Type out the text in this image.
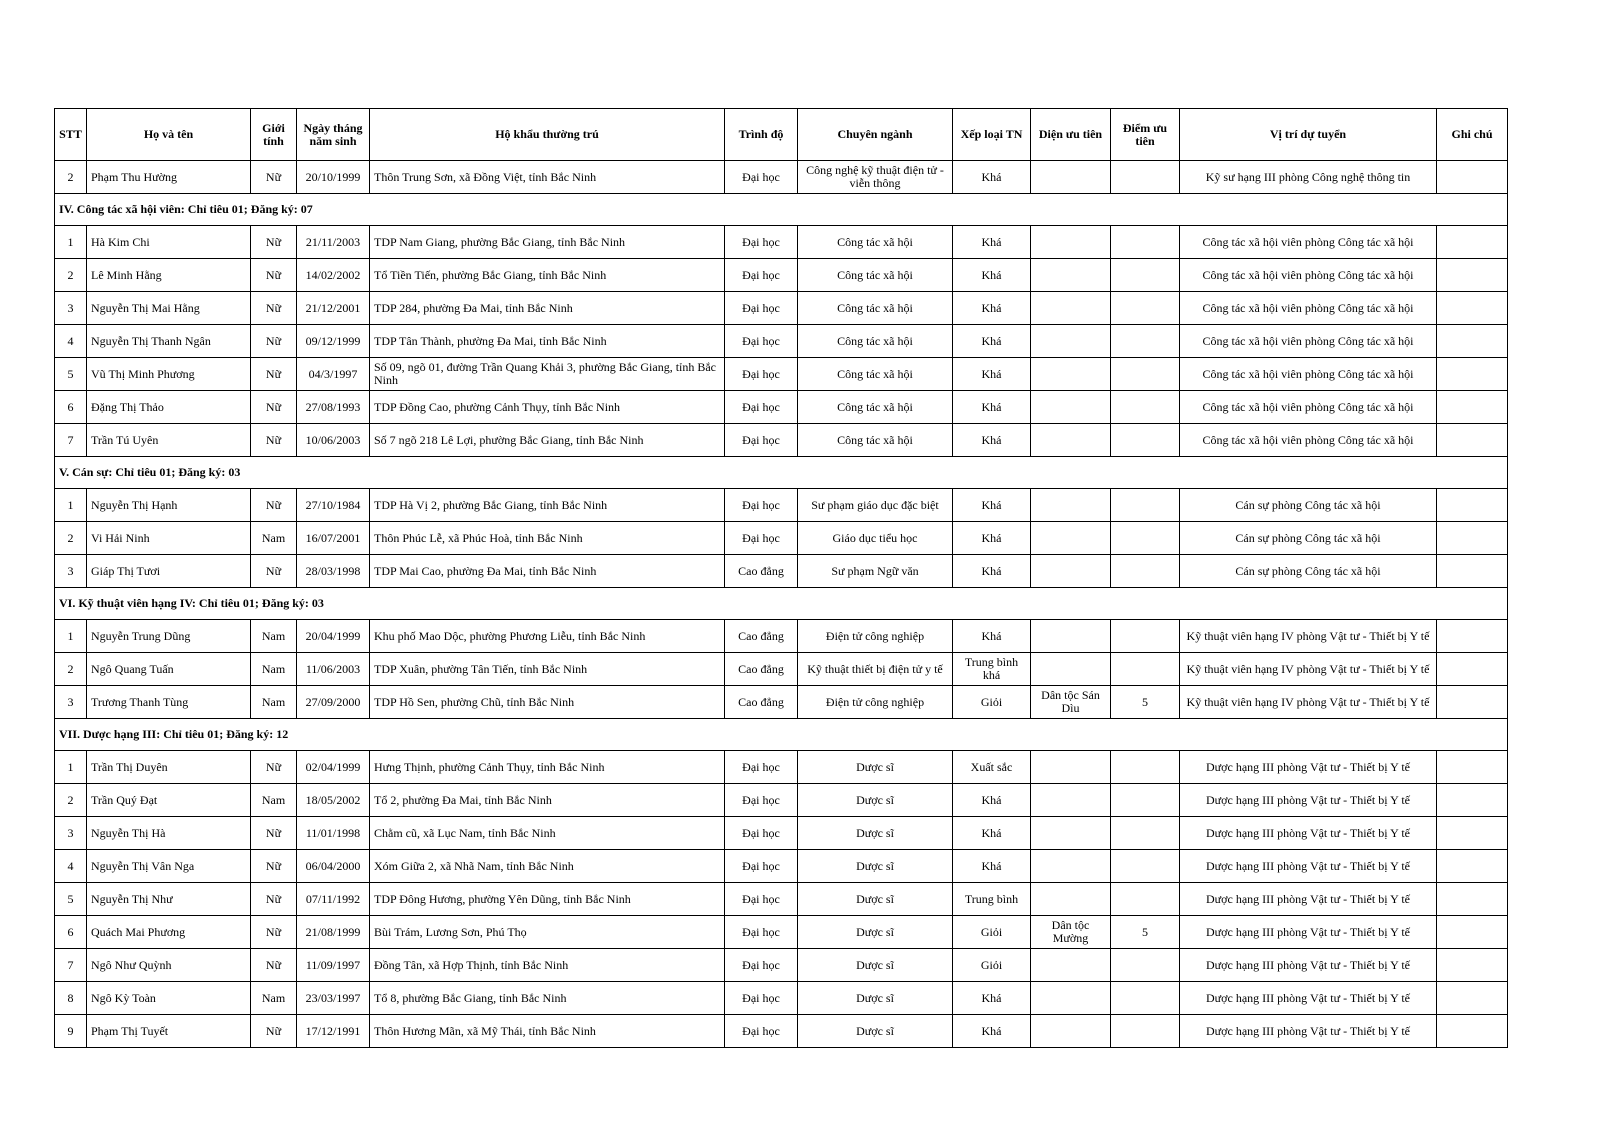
STT	Họ và tên	Giới tính	Ngày tháng năm sinh	Hộ khẩu thường trú	Trình độ	Chuyên ngành	Xếp loại TN	Diện ưu tiên	Điểm ưu tiên	Vị trí dự tuyển	Ghi chú
2	Phạm Thu Hường	Nữ	20/10/1999	Thôn Trung Sơn, xã Đồng Việt, tỉnh Bắc Ninh	Đại học	Công nghệ kỹ thuật điện tử - viễn thông	Khá			Kỹ sư hạng III phòng Công nghệ thông tin	
IV. Công tác xã hội viên: Chỉ tiêu 01; Đăng ký: 07											
1	Hà Kim Chi	Nữ	21/11/2003	TDP Nam Giang, phường Bắc Giang, tỉnh Bắc Ninh	Đại học	Công tác xã hội	Khá			Công tác xã hội viên phòng Công tác xã hội	
2	Lê Minh Hằng	Nữ	14/02/2002	Tổ Tiền Tiến, phường Bắc Giang, tỉnh Bắc Ninh	Đại học	Công tác xã hội	Khá			Công tác xã hội viên phòng Công tác xã hội	
3	Nguyễn Thị Mai Hằng	Nữ	21/12/2001	TDP 284, phường Đa Mai, tỉnh Bắc Ninh	Đại học	Công tác xã hội	Khá			Công tác xã hội viên phòng Công tác xã hội	
4	Nguyễn Thị Thanh Ngân	Nữ	09/12/1999	TDP Tân Thành, phường Đa Mai, tỉnh Bắc Ninh	Đại học	Công tác xã hội	Khá			Công tác xã hội viên phòng Công tác xã hội	
5	Vũ Thị Minh Phương	Nữ	04/3/1997	Số 09, ngõ 01, đường Trần Quang Khải 3, phường Bắc Giang, tỉnh Bắc Ninh	Đại học	Công tác xã hội	Khá			Công tác xã hội viên phòng Công tác xã hội	
6	Đặng Thị Thảo	Nữ	27/08/1993	TDP Đồng Cao, phường Cảnh Thụy, tỉnh Bắc Ninh	Đại học	Công tác xã hội	Khá			Công tác xã hội viên phòng Công tác xã hội	
7	Trần Tú Uyên	Nữ	10/06/2003	Số 7 ngõ 218 Lê Lợi, phường Bắc Giang, tỉnh Bắc Ninh	Đại học	Công tác xã hội	Khá			Công tác xã hội viên phòng Công tác xã hội	
V. Cán sự: Chỉ tiêu 01; Đăng ký: 03											
1	Nguyễn Thị Hạnh	Nữ	27/10/1984	TDP Hà Vị 2, phường Bắc Giang, tỉnh Bắc Ninh	Đại học	Sư phạm giáo dục đặc biệt	Khá			Cán sự phòng Công tác xã hội	
2	Vi Hải Ninh	Nam	16/07/2001	Thôn Phúc Lễ, xã Phúc Hoà, tỉnh Bắc Ninh	Đại học	Giáo dục tiểu học	Khá			Cán sự phòng Công tác xã hội	
3	Giáp Thị Tươi	Nữ	28/03/1998	TDP Mai Cao, phường Đa Mai, tỉnh Bắc Ninh	Cao đẳng	Sư phạm Ngữ văn	Khá			Cán sự phòng Công tác xã hội	
VI. Kỹ thuật viên hạng IV: Chỉ tiêu 01; Đăng ký: 03											
1	Nguyễn Trung Dũng	Nam	20/04/1999	Khu phố Mao Dộc, phường Phương Liễu, tỉnh Bắc Ninh	Cao đẳng	Điện tử công nghiệp	Khá			Kỹ thuật viên hạng IV phòng Vật tư - Thiết bị Y tế	
2	Ngô Quang Tuấn	Nam	11/06/2003	TDP Xuân, phường Tân Tiến, tỉnh Bắc Ninh	Cao đẳng	Kỹ thuật thiết bị điện tử y tế	Trung bình khá			Kỹ thuật viên hạng IV phòng Vật tư - Thiết bị Y tế	
3	Trương Thanh Tùng	Nam	27/09/2000	TDP Hồ Sen, phường Chũ, tỉnh Bắc Ninh	Cao đẳng	Điện tử công nghiệp	Giỏi	Dân tộc Sán Dìu	5	Kỹ thuật viên hạng IV phòng Vật tư - Thiết bị Y tế	
VII. Dược hạng III: Chỉ tiêu 01; Đăng ký: 12											
1	Trần Thị Duyên	Nữ	02/04/1999	Hưng Thịnh, phường Cảnh Thụy, tỉnh Bắc Ninh	Đại học	Dược sĩ	Xuất sắc			Dược hạng III phòng Vật tư - Thiết bị Y tế	
2	Trần Quý Đạt	Nam	18/05/2002	Tổ 2, phường Đa Mai, tỉnh Bắc Ninh	Đại học	Dược sĩ	Khá			Dược hạng III phòng Vật tư - Thiết bị Y tế	
3	Nguyễn Thị Hà	Nữ	11/01/1998	Chằm cũ, xã Lục Nam, tỉnh Bắc Ninh	Đại học	Dược sĩ	Khá			Dược hạng III phòng Vật tư - Thiết bị Y tế	
4	Nguyễn Thị Vân Nga	Nữ	06/04/2000	Xóm Giữa 2, xã Nhã Nam, tỉnh Bắc Ninh	Đại học	Dược sĩ	Khá			Dược hạng III phòng Vật tư - Thiết bị Y tế	
5	Nguyễn Thị Như	Nữ	07/11/1992	TDP Đông Hương, phường Yên Dũng, tỉnh Bắc Ninh	Đại học	Dược sĩ	Trung bình			Dược hạng III phòng Vật tư - Thiết bị Y tế	
6	Quách Mai Phương	Nữ	21/08/1999	Bùi Trám, Lương Sơn, Phú Thọ	Đại học	Dược sĩ	Giỏi	Dân tộc Mường	5	Dược hạng III phòng Vật tư - Thiết bị Y tế	
7	Ngô Như Quỳnh	Nữ	11/09/1997	Đồng Tân, xã Hợp Thịnh, tỉnh Bắc Ninh	Đại học	Dược sĩ	Giỏi			Dược hạng III phòng Vật tư - Thiết bị Y tế	
8	Ngô Kỳ Toàn	Nam	23/03/1997	Tổ 8, phường Bắc Giang, tỉnh Bắc Ninh	Đại học	Dược sĩ	Khá			Dược hạng III phòng Vật tư - Thiết bị Y tế	
9	Phạm Thị Tuyết	Nữ	17/12/1991	Thôn Hương Mãn, xã Mỹ Thái, tỉnh Bắc Ninh	Đại học	Dược sĩ	Khá			Dược hạng III phòng Vật tư - Thiết bị Y tế	
